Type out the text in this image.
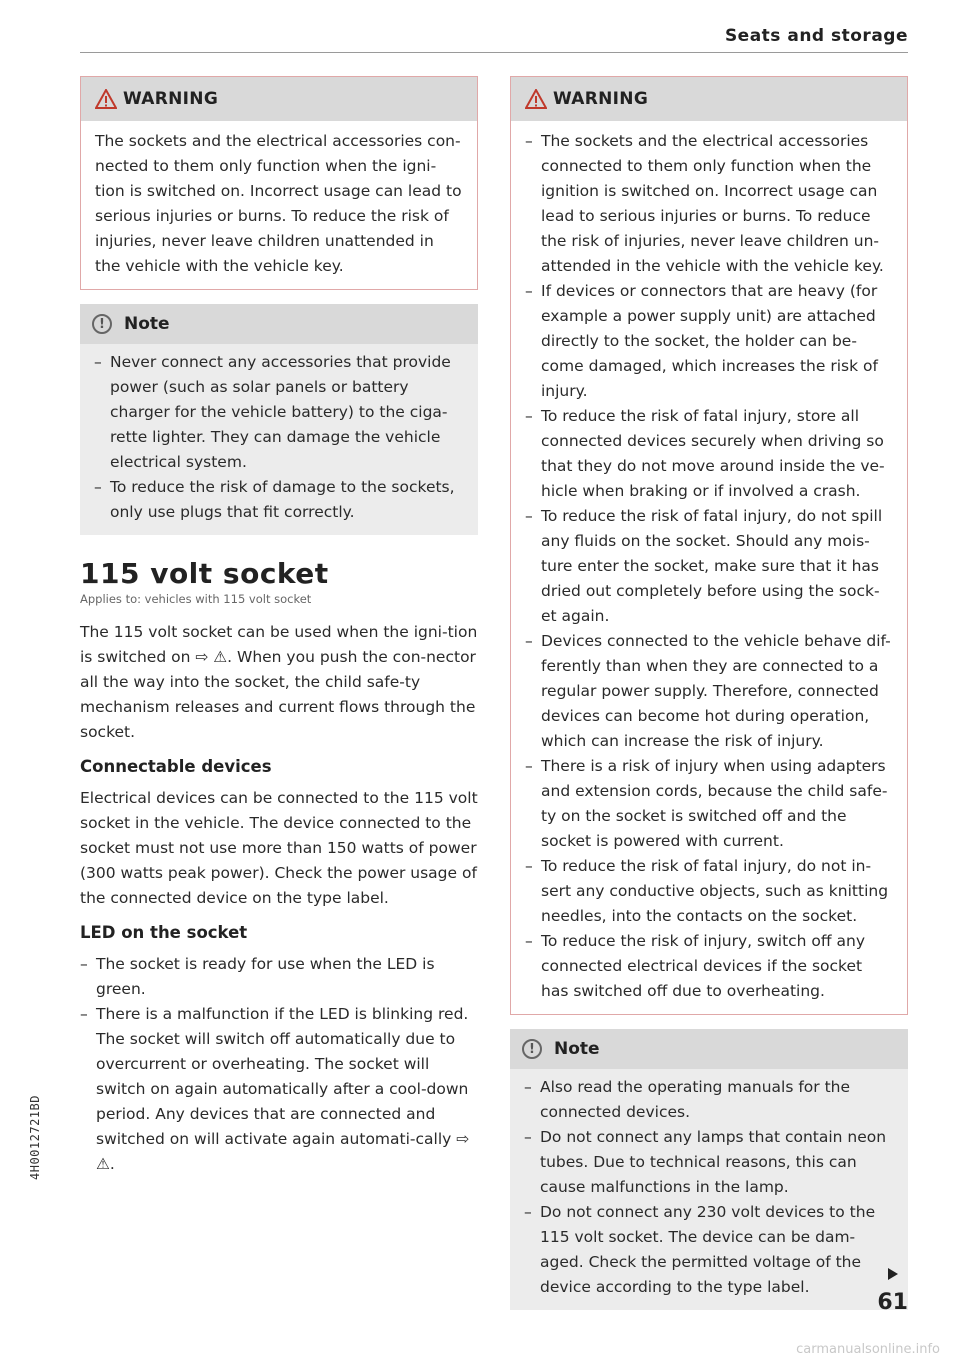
Seats and storage
WARNING

The sockets and the electrical accessories con-nected to them only function when the igni-tion is switched on. Incorrect usage can lead to serious injuries or burns. To reduce the risk of injuries, never leave children unattended in the vehicle with the vehicle key.

!	Note
– Never connect any accessories that provide power (such as solar panels or battery charger for the vehicle battery) to the ciga-rette lighter. They can damage the vehicle electrical system.
– To reduce the risk of damage to the sockets, only use plugs that fit correctly.
115 volt socket
Applies to: vehicles with 115 volt socket

The 115 volt socket can be used when the igni-tion is switched on ⇨ ⚠. When you push the con-nector all the way into the socket, the child safe-ty mechanism releases and current flows through the socket.

Connectable devices

Electrical devices can be connected to the 115 volt socket in the vehicle. The device connected to the socket must not use more than 150 watts of power (300 watts peak power). Check the power usage of the connected device on the type label.

LED on the socket
– The socket is ready for use when the LED is green.
– There is a malfunction if the LED is blinking red. The socket will switch off automatically due to overcurrent or overheating. The socket will switch on again automatically after a cool-down period. Any devices that are connected and switched on will activate again automati-cally ⇨ ⚠.
WARNING
– The sockets and the electrical accessories connected to them only function when the ignition is switched on. Incorrect usage can lead to serious injuries or burns. To reduce the risk of injuries, never leave children un-attended in the vehicle with the vehicle key.
– If devices or connectors that are heavy (for example a power supply unit) are attached directly to the socket, the holder can be-come damaged, which increases the risk of injury.
– To reduce the risk of fatal injury, store all connected devices securely when driving so that they do not move around inside the ve-hicle when braking or if involved a crash.
– To reduce the risk of fatal injury, do not spill any fluids on the socket. Should any mois-ture enter the socket, make sure that it has dried out completely before using the sock-et again.
– Devices connected to the vehicle behave dif-ferently than when they are connected to a regular power supply. Therefore, connected devices can become hot during operation, which can increase the risk of injury.
– There is a risk of injury when using adapters and extension cords, because the child safe-ty on the socket is switched off and the socket is powered with current.
– To reduce the risk of fatal injury, do not in-sert any conductive objects, such as knitting needles, into the contacts on the socket.
– To reduce the risk of injury, switch off any connected electrical devices if the socket has switched off due to overheating.
!	Note
– Also read the operating manuals for the connected devices.
– Do not connect any lamps that contain neon tubes. Due to technical reasons, this can cause malfunctions in the lamp.
– Do not connect any 230 volt devices to the 115 volt socket. The device can be dam-aged. Check the permitted voltage of the device according to the type label.
4H0012721BD
61
carmanualsonline.info
